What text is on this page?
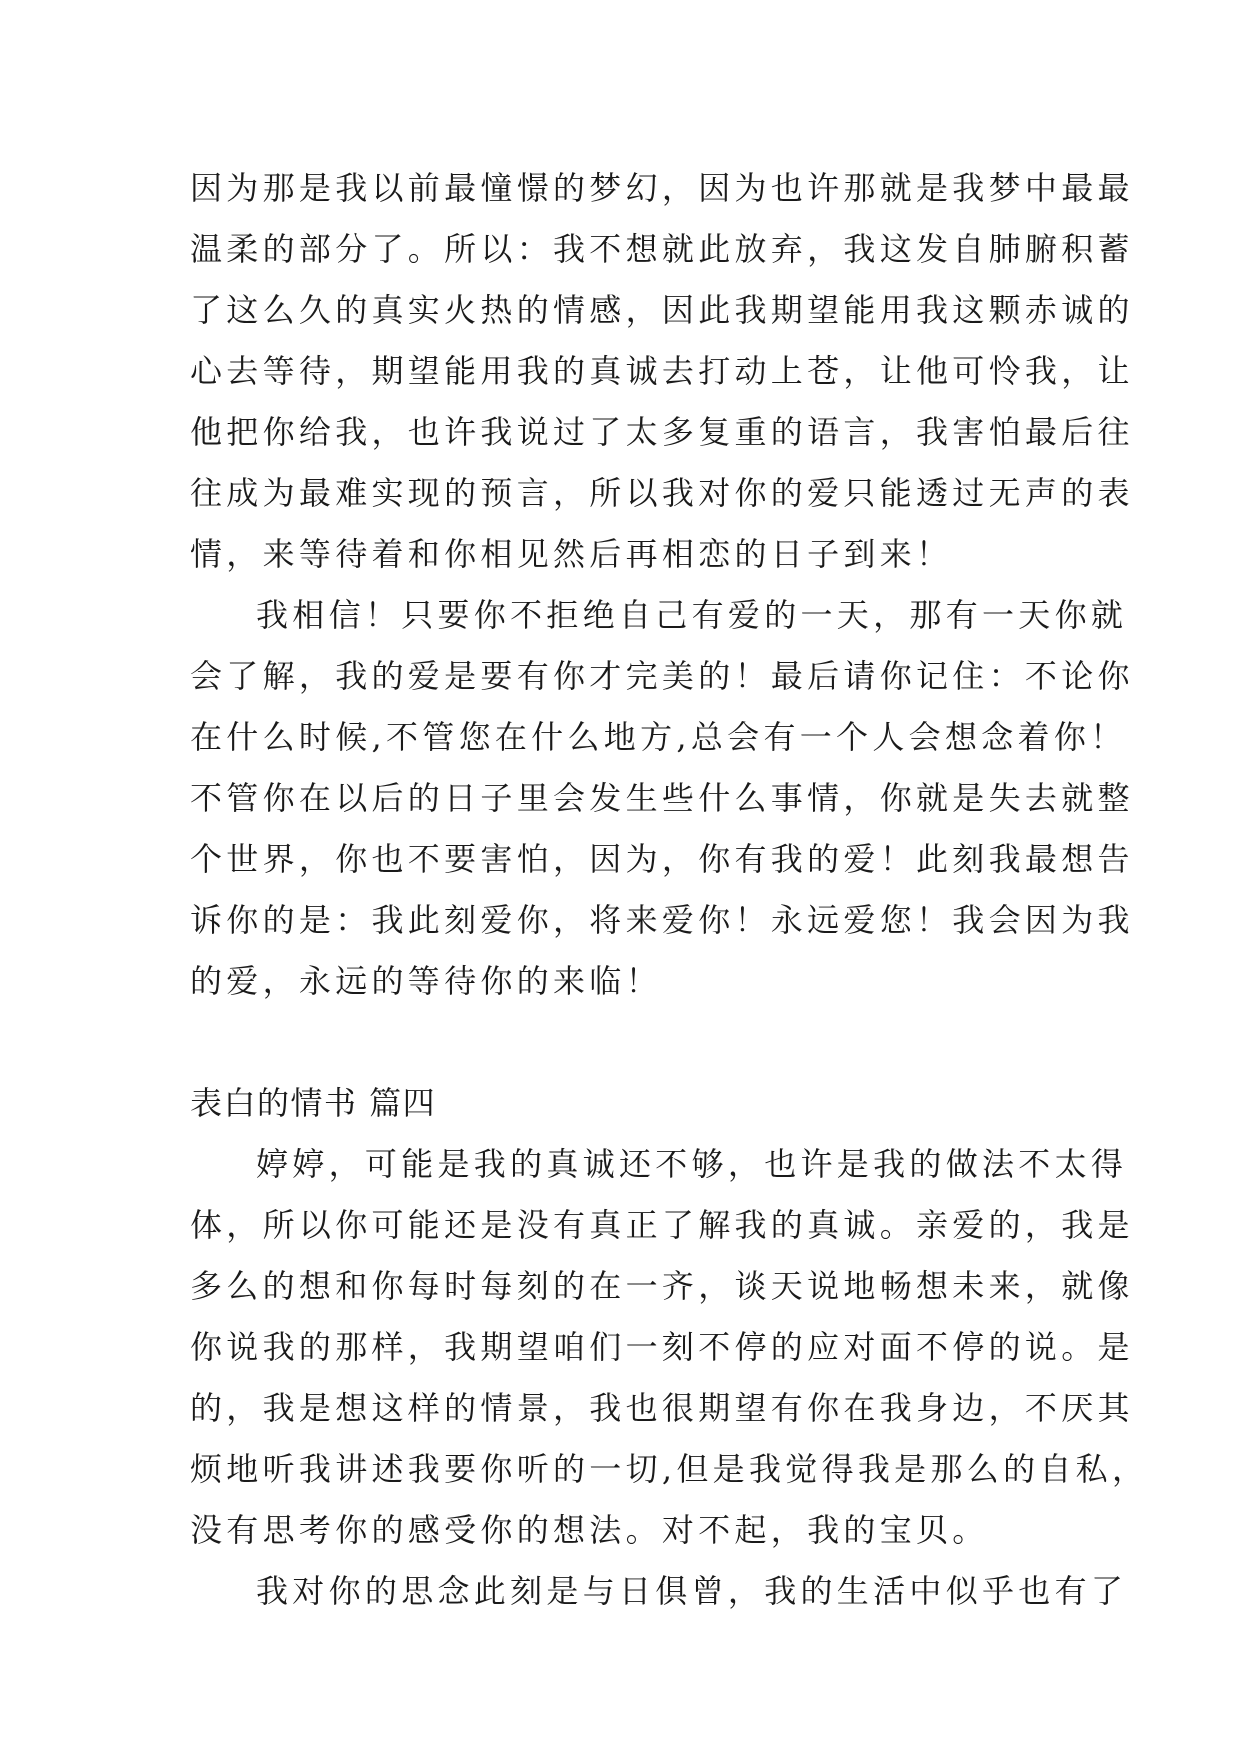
因为那是我以前最憧憬的梦幻，因为也许那就是我梦中最最
温柔的部分了。所以：我不想就此放弃，我这发自肺腑积蓄
了这么久的真实火热的情感，因此我期望能用我这颗赤诚的
心去等待，期望能用我的真诚去打动上苍，让他可怜我，让
他把你给我，也许我说过了太多复重的语言，我害怕最后往
往成为最难实现的预言，所以我对你的爱只能透过无声的表
情，来等待着和你相见然后再相恋的日子到来！
我相信！只要你不拒绝自己有爱的一天，那有一天你就
会了解，我的爱是要有你才完美的！最后请你记住：不论你
在什么时候,不管您在什么地方,总会有一个人会想念着你！
不管你在以后的日子里会发生些什么事情，你就是失去就整
个世界，你也不要害怕，因为，你有我的爱！此刻我最想告
诉你的是：我此刻爱你，将来爱你！永远爱您！我会因为我
的爱，永远的等待你的来临！
表白的情书 篇四
婷婷，可能是我的真诚还不够，也许是我的做法不太得
体，所以你可能还是没有真正了解我的真诚。亲爱的，我是
多么的想和你每时每刻的在一齐，谈天说地畅想未来，就像
你说我的那样，我期望咱们一刻不停的应对面不停的说。是
的，我是想这样的情景，我也很期望有你在我身边，不厌其
烦地听我讲述我要你听的一切,但是我觉得我是那么的自私，
没有思考你的感受你的想法。对不起，我的宝贝。
我对你的思念此刻是与日俱曾，我的生活中似乎也有了
